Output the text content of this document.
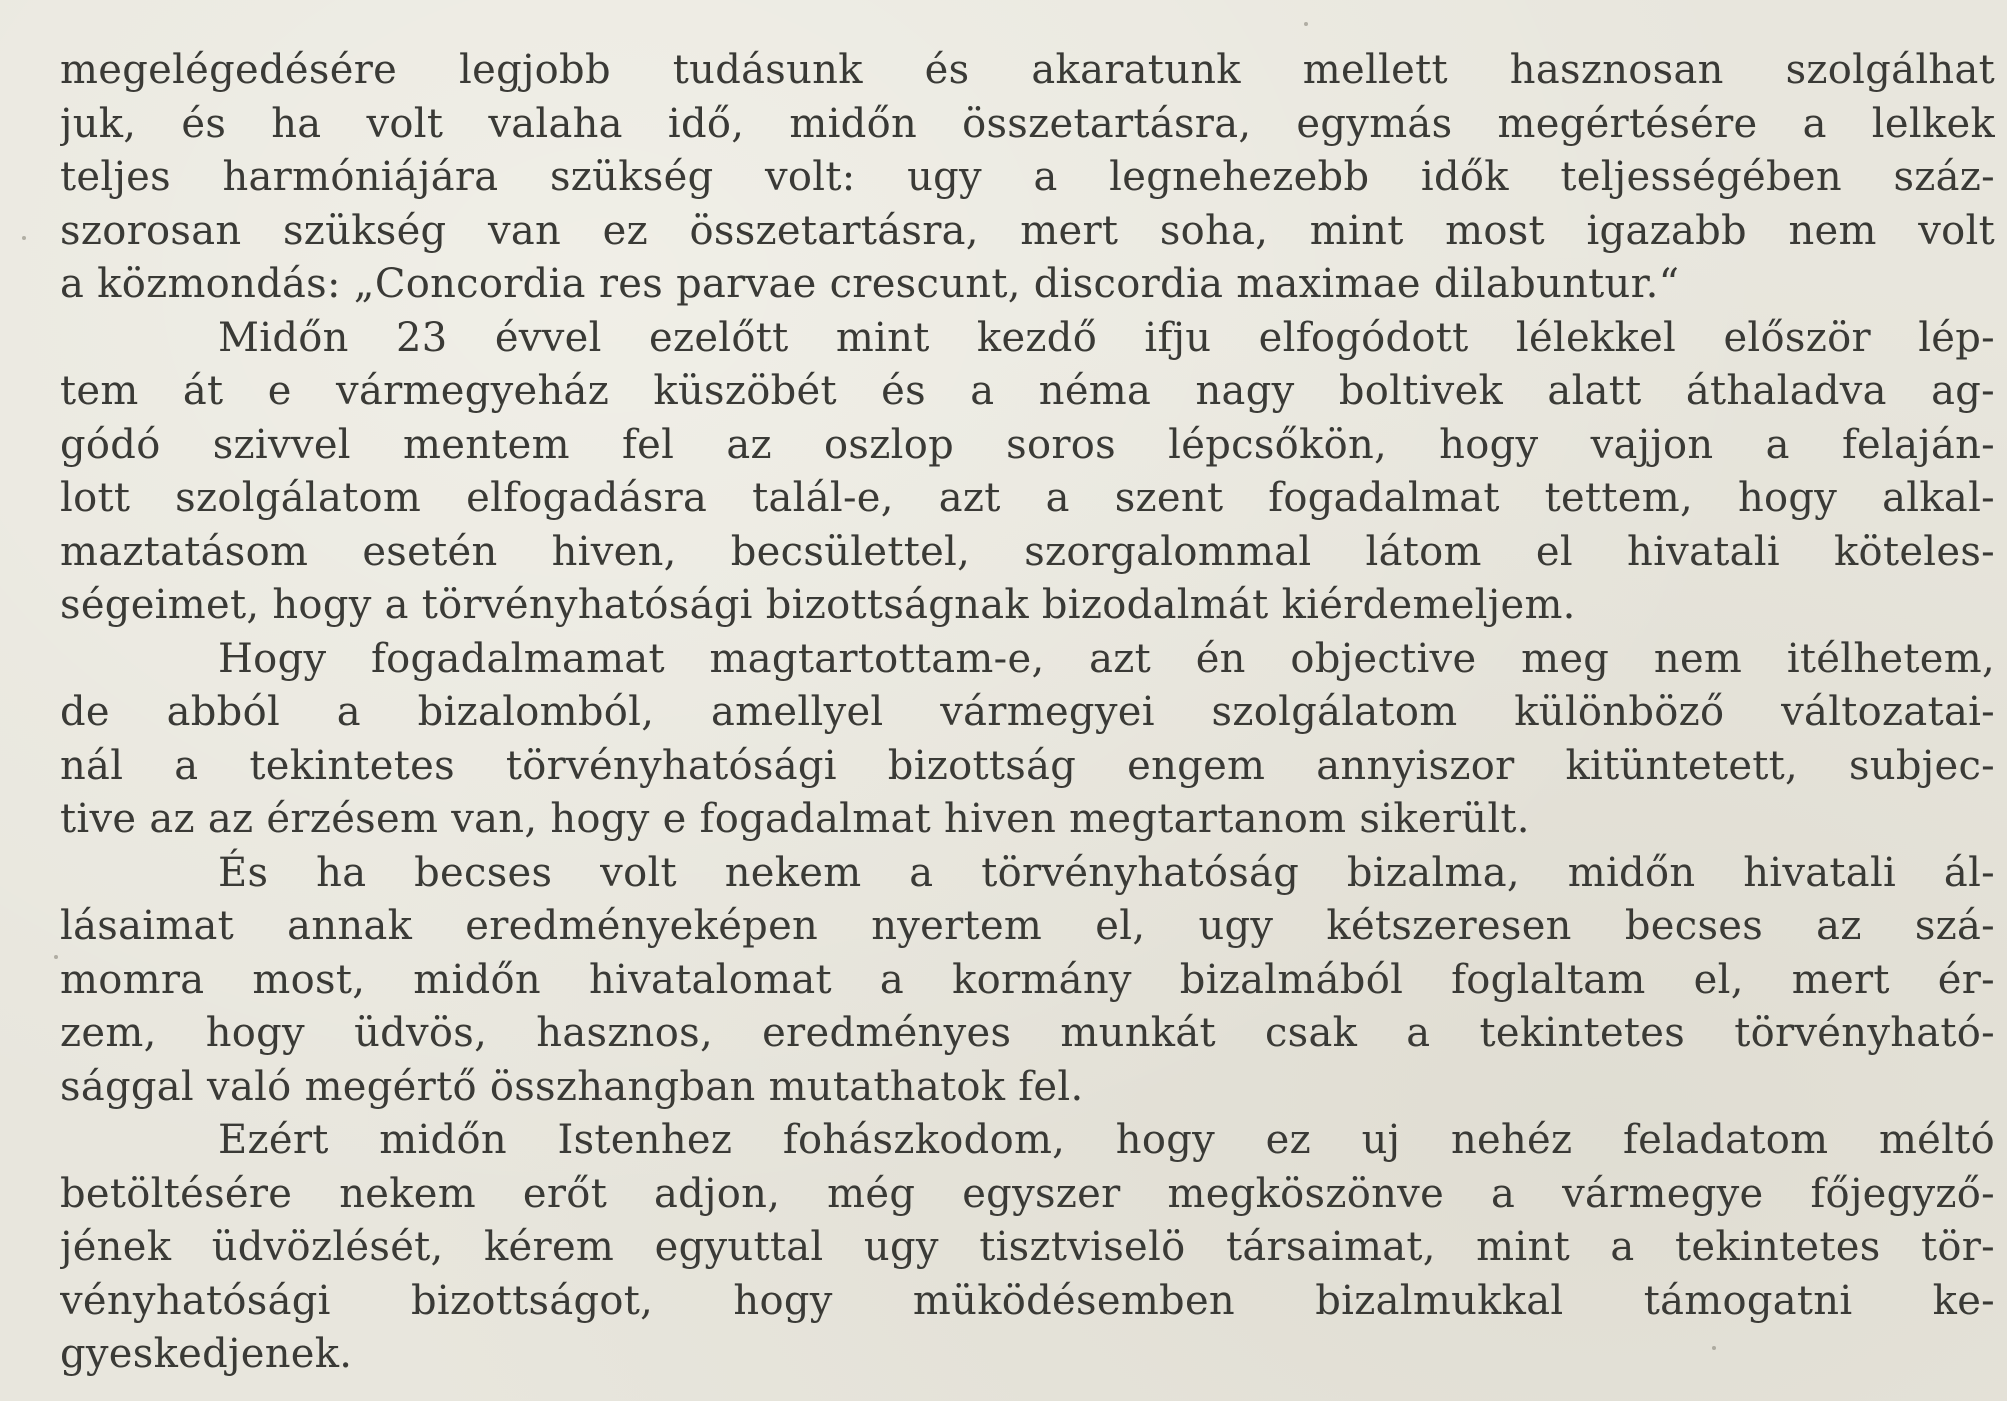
megelégedésére legjobb tudásunk és akaratunk mellett hasznosan szolgálhat
juk, és ha volt valaha idő, midőn összetartásra, egymás megértésére a lelkek
teljes harmóniájára szükség volt: ugy a legnehezebb idők teljességében száz-
szorosan szükség van ez összetartásra, mert soha, mint most igazabb nem volt
a közmondás: „Concordia res parvae crescunt, discordia maximae dilabuntur.“
Midőn 23 évvel ezelőtt mint kezdő ifju elfogódott lélekkel először lép-
tem át e vármegyeház küszöbét és a néma nagy boltivek alatt áthaladva ag-
gódó szivvel mentem fel az oszlop soros lépcsőkön, hogy vajjon a felaján-
lott szolgálatom elfogadásra talál-e, azt a szent fogadalmat tettem, hogy alkal-
maztatásom esetén hiven, becsülettel, szorgalommal látom el hivatali köteles-
ségeimet, hogy a törvényhatósági bizottságnak bizodalmát kiérdemeljem.
Hogy fogadalmamat magtartottam-e, azt én objective meg nem itélhetem,
de abból a bizalomból, amellyel vármegyei szolgálatom különböző változatai-
nál a tekintetes törvényhatósági bizottság engem annyiszor kitüntetett, subjec-
tive az az érzésem van, hogy e fogadalmat hiven megtartanom sikerült.
És ha becses volt nekem a törvényhatóság bizalma, midőn hivatali ál-
lásaimat annak eredményeképen nyertem el, ugy kétszeresen becses az szá-
momra most, midőn hivatalomat a kormány bizalmából foglaltam el, mert ér-
zem, hogy üdvös, hasznos, eredményes munkát csak a tekintetes törvényható-
sággal való megértő összhangban mutathatok fel.
Ezért midőn Istenhez fohászkodom, hogy ez uj nehéz feladatom méltó
betöltésére nekem erőt adjon, még egyszer megköszönve a vármegye főjegyző-
jének üdvözlését, kérem egyuttal ugy tisztviselö társaimat, mint a tekintetes tör-
vényhatósági bizottságot, hogy müködésemben bizalmukkal támogatni ke-
gyeskedjenek.
